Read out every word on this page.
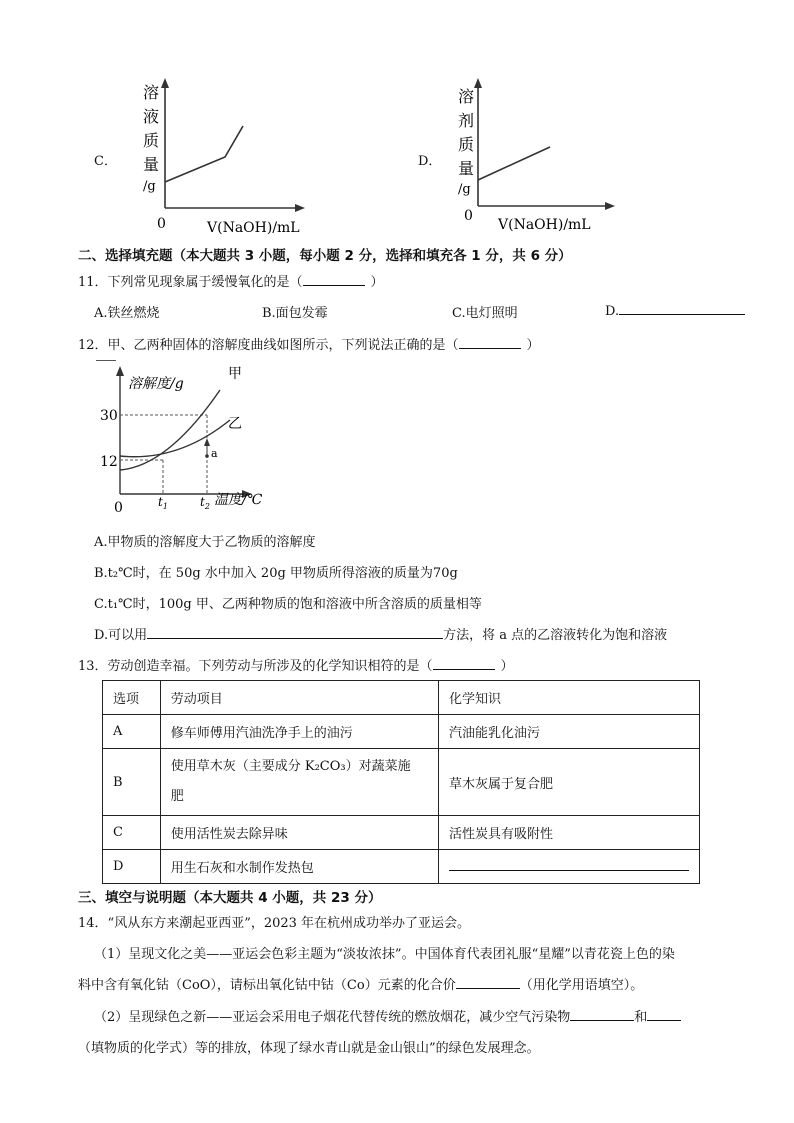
C．
溶
液
质
量
/g
0	V(NaOH)/mL
D．
溶
剂
质
量
/g
0
V(NaOH)/mL
二、选择填充题（本大题共 3 小题，每小题 2 分，选择和填充各 1 分，共 6 分）
11．下列常见现象属于缓慢氧化的是（	）
A.铁丝燃烧	B.面包发霉	C.电灯照明	D.
12．甲、乙两种固体的溶解度曲线如图所示，下列说法正确的是（	）
溶解度/g
温度/℃
0
30
12
甲
乙
a
$t_1$	$t_2$
A.甲物质的溶解度大于乙物质的溶解度
B.t₂℃时，在 50g 水中加入 20g 甲物质所得溶液的质量为70g
C.t₁℃时，100g 甲、乙两种物质的饱和溶液中所含溶质的质量相等
D.可以用	方法，将 a 点的乙溶液转化为饱和溶液
13．劳动创造幸福。下列劳动与所涉及的化学知识相符的是（	）
选项	劳动项目	化学知识
A	修车师傅用汽油洗净手上的油污	汽油能乳化油污
B	使用草木灰（主要成分 K₂CO₃）对蔬菜施
肥	草木灰属于复合肥
C	使用活性炭去除异味	活性炭具有吸附性
D	用生石灰和水制作发热包	
三、填空与说明题（本大题共 4 小题，共 23 分）
14．“风从东方来潮起亚西亚”，2023 年在杭州成功举办了亚运会。
（1）呈现文化之美——亚运会色彩主题为“淡妆浓抹”。中国体育代表团礼服“星耀”以青花瓷上色的染
料中含有氧化钴（CoO），请标出氧化钴中钴（Co）元素的化合价	（用化学用语填空）。
（2）呈现绿色之新——亚运会采用电子烟花代替传统的燃放烟花，减少空气污染物	和
（填物质的化学式）等的排放，体现了绿水青山就是金山银山”的绿色发展理念。
